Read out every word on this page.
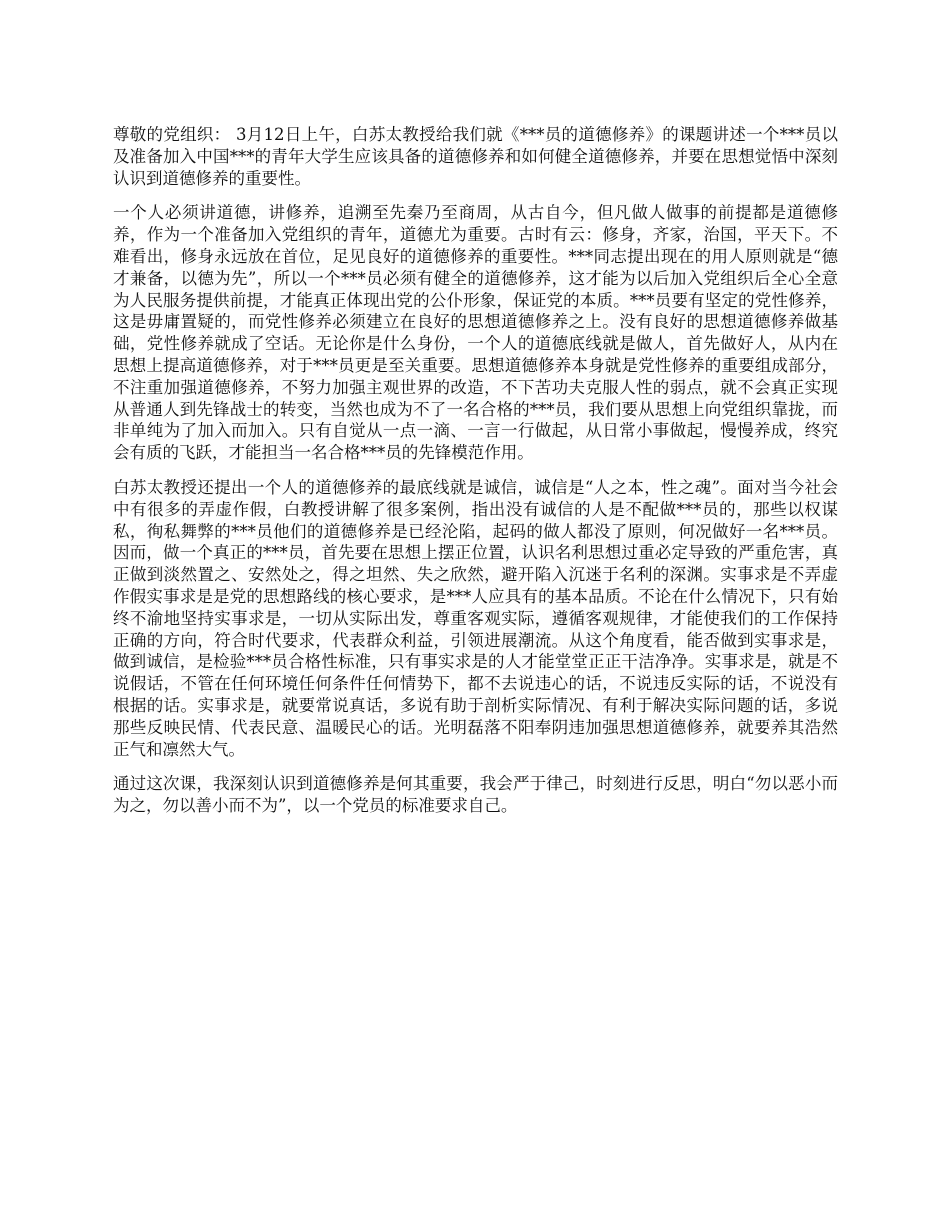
尊敬的党组织： 3月12日上午，白苏太教授给我们就《***员的道德修养》的课题讲述一个***员以及准备加入中国***的青年大学生应该具备的道德修养和如何健全道德修养，并要在思想觉悟中深刻认识到道德修养的重要性。

一个人必须讲道德，讲修养，追溯至先秦乃至商周，从古自今，但凡做人做事的前提都是道德修养，作为一个准备加入党组织的青年，道德尤为重要。古时有云：修身，齐家，治国，平天下。不难看出，修身永远放在首位，足见良好的道德修养的重要性。***同志提出现在的用人原则就是“德才兼备，以德为先”，所以一个***员必须有健全的道德修养，这才能为以后加入党组织后全心全意为人民服务提供前提，才能真正体现出党的公仆形象，保证党的本质。***员要有坚定的党性修养，这是毋庸置疑的，而党性修养必须建立在良好的思想道德修养之上。没有良好的思想道德修养做基础，党性修养就成了空话。无论你是什么身份，一个人的道德底线就是做人，首先做好人，从内在思想上提高道德修养，对于***员更是至关重要。思想道德修养本身就是党性修养的重要组成部分，不注重加强道德修养，不努力加强主观世界的改造，不下苦功夫克服人性的弱点，就不会真正实现从普通人到先锋战士的转变，当然也成为不了一名合格的***员，我们要从思想上向党组织靠拢，而非单纯为了加入而加入。只有自觉从一点一滴、一言一行做起，从日常小事做起，慢慢养成，终究会有质的飞跃，才能担当一名合格***员的先锋模范作用。

白苏太教授还提出一个人的道德修养的最底线就是诚信，诚信是“人之本，性之魂”。面对当今社会中有很多的弄虚作假，白教授讲解了很多案例，指出没有诚信的人是不配做***员的，那些以权谋私，徇私舞弊的***员他们的道德修养是已经沦陷，起码的做人都没了原则，何况做好一名***员。因而，做一个真正的***员，首先要在思想上摆正位置，认识名利思想过重必定导致的严重危害，真正做到淡然置之、安然处之，得之坦然、失之欣然，避开陷入沉迷于名利的深渊。实事求是不弄虚作假实事求是是党的思想路线的核心要求，是***人应具有的基本品质。不论在什么情况下，只有始终不渝地坚持实事求是，一切从实际出发，尊重客观实际，遵循客观规律，才能使我们的工作保持正确的方向，符合时代要求，代表群众利益，引领进展潮流。从这个角度看，能否做到实事求是，做到诚信，是检验***员合格性标准，只有事实求是的人才能堂堂正正干洁净净。实事求是，就是不说假话，不管在任何环境任何条件任何情势下，都不去说违心的话，不说违反实际的话，不说没有根据的话。实事求是，就要常说真话，多说有助于剖析实际情况、有利于解决实际问题的话，多说那些反映民情、代表民意、温暖民心的话。光明磊落不阳奉阴违加强思想道德修养，就要养其浩然正气和凛然大气。

通过这次课，我深刻认识到道德修养是何其重要，我会严于律己，时刻进行反思，明白“勿以恶小而为之，勿以善小而不为”，以一个党员的标准要求自己。
